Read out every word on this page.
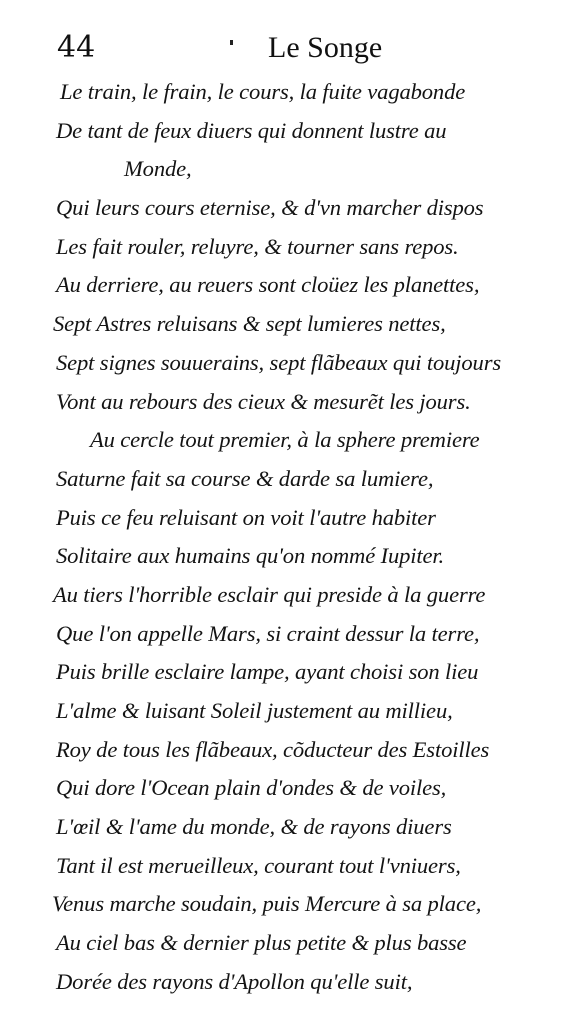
44	Le Songe
Le train, le frain, le cours, la fuite vagabonde
De tant de feux diuers qui donnent lustre au
Monde,
Qui leurs cours eternise, & d'vn marcher dispos
Les fait rouler, reluyre, & tourner sans repos.
Au derriere, au reuers sont cloüez les planettes,
Sept Astres reluisans & sept lumieres nettes,
Sept signes souuerains, sept flãbeaux qui toujours
Vont au rebours des cieux & mesurẽt les jours.
Au cercle tout premier, à la sphere premiere
Saturne fait sa course & darde sa lumiere,
Puis ce feu reluisant on voit l'autre habiter
Solitaire aux humains qu'on nommé Iupiter.
Au tiers l'horrible esclair qui preside à la guerre
Que l'on appelle Mars, si craint dessur la terre,
Puis brille esclaire lampe, ayant choisi son lieu
L'alme & luisant Soleil justement au millieu,
Roy de tous les flãbeaux, cõducteur des Estoilles
Qui dore l'Ocean plain d'ondes & de voiles,
L'œil & l'ame du monde, & de rayons diuers
Tant il est merueilleux, courant tout l'vniuers,
Venus marche soudain, puis Mercure à sa place,
Au ciel bas & dernier plus petite & plus basse
Dorée des rayons d'Apollon qu'elle suit,
